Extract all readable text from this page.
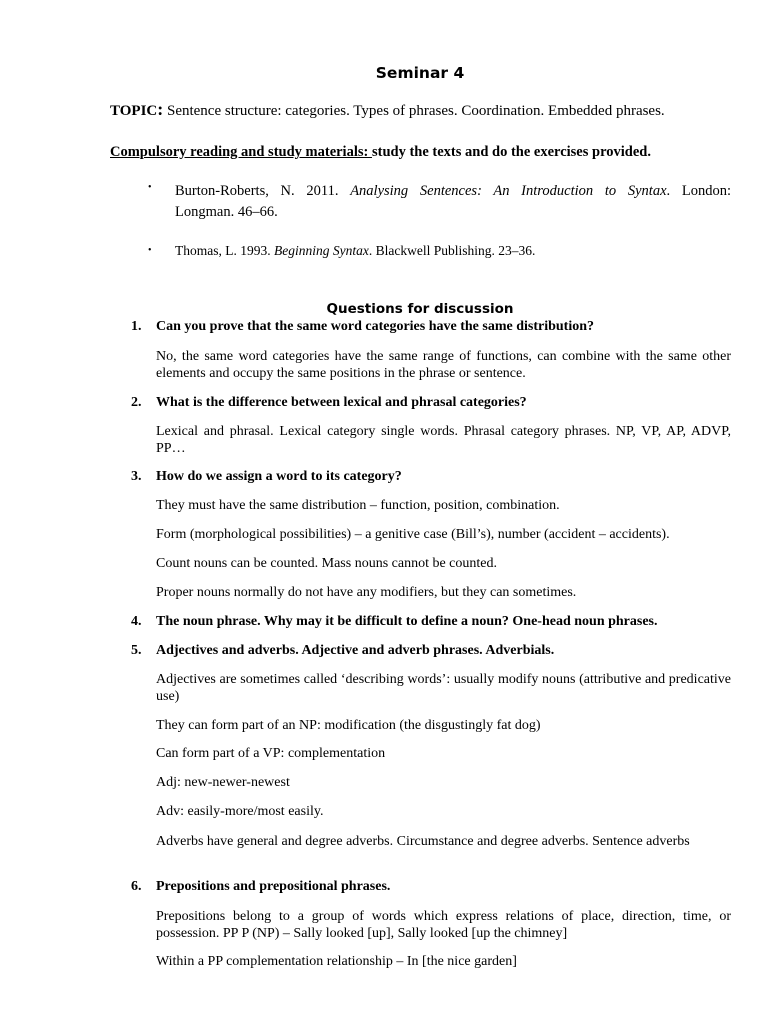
Seminar 4
TOPIC: Sentence structure: categories. Types of phrases. Coordination. Embedded phrases.
Compulsory reading and study materials: study the texts and do the exercises provided.
• Burton-Roberts, N. 2011. Analysing Sentences: An Introduction to Syntax. London:
Longman. 46–66.
• Thomas, L. 1993. Beginning Syntax. Blackwell Publishing. 23–36.
Questions for discussion
1. Can you prove that the same word categories have the same distribution?
No, the same word categories have the same range of functions, can combine with the same other elements and occupy the same positions in the phrase or sentence.
2. What is the difference between lexical and phrasal categories?
Lexical and phrasal. Lexical category single words. Phrasal category phrases. NP, VP, AP, ADVP, PP…
3. How do we assign a word to its category?
They must have the same distribution – function, position, combination.
Form (morphological possibilities) – a genitive case (Bill’s), number (accident – accidents).
Count nouns can be counted. Mass nouns cannot be counted.
Proper nouns normally do not have any modifiers, but they can sometimes.
4. The noun phrase. Why may it be difficult to define a noun? One-head noun phrases.
5. Adjectives and adverbs. Adjective and adverb phrases. Adverbials.
Adjectives are sometimes called ‘describing words’: usually modify nouns (attributive and predicative use)
They can form part of an NP: modification (the disgustingly fat dog)
Can form part of a VP: complementation
Adj: new-newer-newest
Adv: easily-more/most easily.
Adverbs have general and degree adverbs. Circumstance and degree adverbs. Sentence adverbs
6. Prepositions and prepositional phrases.
Prepositions belong to a group of words which express relations of place, direction, time, or possession. PP P (NP) – Sally looked [up], Sally looked [up the chimney]
Within a PP complementation relationship – In [the nice garden]
